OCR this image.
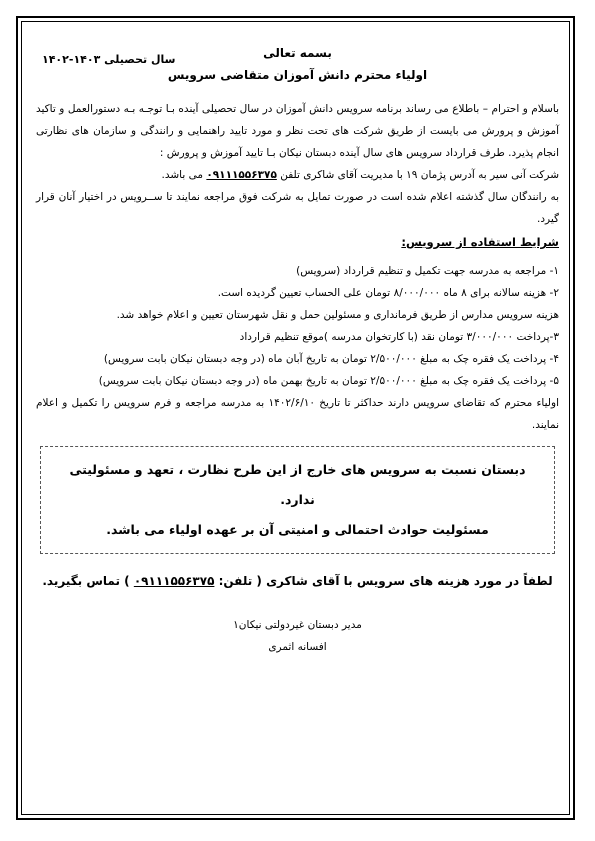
بسمه تعالی
سال تحصیلی ۱۴۰۳-۱۴۰۲
اولیاء محترم دانش آموزان متقاضی سرویس

باسلام و احترام – باطلاع می رساند برنامه سرویس دانش آموزان در سال تحصیلی آینده بـا توجـه بـه دستورالعمل و تاکید آموزش و پرورش می بایست از طریق شرکت های تحت نظر و مورد تایید راهنمایی و رانندگی و سازمان های نظارتی انجام پذیرد. طرف قرارداد سرویس های سال آینده دبستان نیکان بـا تایید آموزش و پرورش :

شرکت آنی سیر به آدرس پژمان ۱۹ با مدیریت آقای شاکری تلفن ۰۹۱۱۱۵۵۶۳۷۵ می باشد.

به رانندگان سال گذشته اعلام شده است در صورت تمایل به شرکت فوق مراجعه نمایند تا ســرویس در اختیار آنان قرار گیرد.

شرایط استفاده از سرویس:

۱- مراجعه به مدرسه جهت تکمیل و تنظیم قرارداد (سرویس)

۲- هزینه سالانه برای ۸ ماه ۸/۰۰۰/۰۰۰ تومان علی الحساب تعیین گردیده است.

هزینه سرویس مدارس از طریق فرمانداری و مسئولین حمل و نقل شهرستان تعیین و اعلام خواهد شد.

۳-پرداخت ۳/۰۰۰/۰۰۰ تومان نقد (با کارتخوان مدرسه )موقع تنظیم قرارداد

۴- پرداخت یک فقره چک به مبلغ ۲/۵۰۰/۰۰۰ تومان به تاریخ آبان ماه (در وجه دبستان نیکان بابت سرویس)

۵- پرداخت یک فقره چک به مبلغ ۲/۵۰۰/۰۰۰ تومان به تاریخ بهمن ماه (در وجه دبستان نیکان بابت سرویس)

اولیاء محترم که تقاضای سرویس دارند حداکثر تا تاریخ ۱۴۰۲/۶/۱۰ به مدرسه مراجعه و فرم سرویس را تکمیل و اعلام نمایند.

دبستان نسبت به سرویس های خارج از این طرح نظارت ، تعهد و مسئولیتی ندارد.

مسئولیت حوادث احتمالی و امنیتی آن بر عهده اولیاء می باشد.

لطفاً در مورد هزینه های سرویس با آقای شاکری ( تلفن: ۰۹۱۱۱۵۵۶۳۷۵ ) تماس بگیرید.

مدیر دبستان غیردولتی نیکان۱
افسانه اثمری
